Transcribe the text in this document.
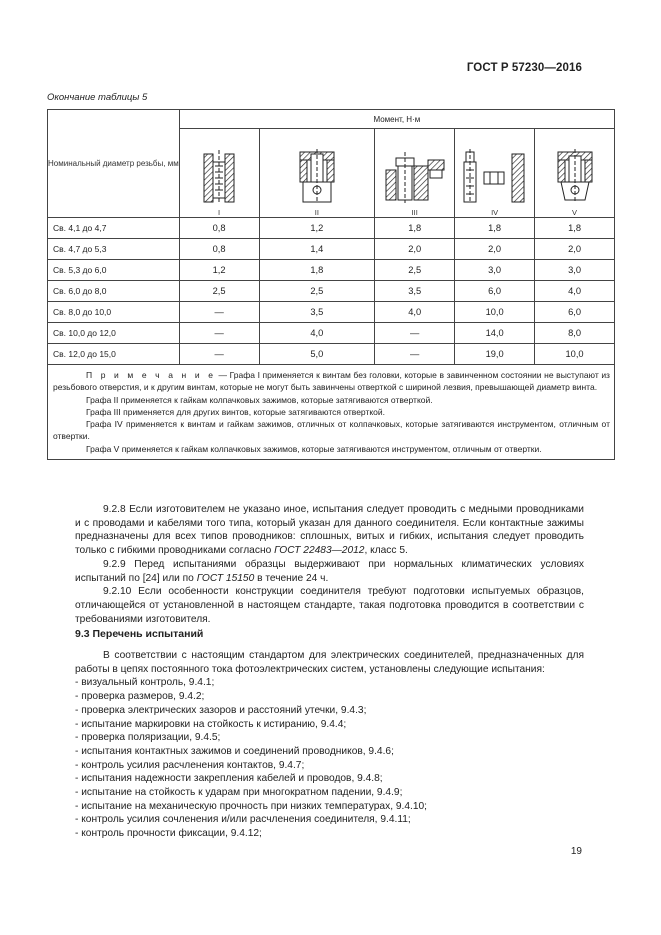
ГОСТ Р 57230—2016
Окончание таблицы 5
Номинальный диаметр резьбы, мм	Момент, Н·м				

I	II	III	IV	V
Св. 4,1 до 4,7	0,8	1,2	1,8	1,8	1,8
Св. 4,7 до 5,3	0,8	1,4	2,0	2,0	2,0
Св. 5,3 до 6,0	1,2	1,8	2,5	3,0	3,0
Св. 6,0 до 8,0	2,5	2,5	3,5	6,0	4,0
Св. 8,0 до 10,0	—	3,5	4,0	10,0	6,0
Св. 10,0 до 12,0	—	4,0	—	14,0	8,0
Св. 12,0 до 15,0	—	5,0	—	19,0	10,0

П р и м е ч а н и е — Графа I применяется к винтам без головки, которые в завинченном состоянии не выступают из резьбового отверстия, и к другим винтам, которые не могут быть завинчены отверткой с шириной лезвия, превышающей диаметр винта.

Графа II применяется к гайкам колпачковых зажимов, которые затягиваются отверткой.

Графа III применяется для других винтов, которые затягиваются отверткой.

Графа IV применяется к винтам и гайкам зажимов, отличных от колпачковых, которые затягиваются инструментом, отличным от отвертки.

Графа V применяется к гайкам колпачковых зажимов, которые затягиваются инструментом, отличным от отвертки.					

9.2.8 Если изготовителем не указано иное, испытания следует проводить с медными проводниками и с проводами и кабелями того типа, который указан для данного соединителя. Если контактные зажимы предназначены для всех типов проводников: сплошных, витых и гибких, испытания следует проводить только с гибкими проводниками согласно ГОСТ 22483—2012, класс 5.

9.2.9 Перед испытаниями образцы выдерживают при нормальных климатических условиях испытаний по [24] или по ГОСТ 15150 в течение 24 ч.

9.2.10 Если особенности конструкции соединителя требуют подготовки испытуемых образцов, отличающейся от установленной в настоящем стандарте, такая подготовка проводится в соответствии с требованиями изготовителя.

9.3 Перечень испытаний

В соответствии с настоящим стандартом для электрических соединителей, предназначенных для работы в цепях постоянного тока фотоэлектрических систем, установлены следующие испытания:

- визуальный контроль, 9.4.1;
- проверка размеров, 9.4.2;
- проверка электрических зазоров и расстояний утечки, 9.4.3;
- испытание маркировки на стойкость к истиранию, 9.4.4;
- проверка поляризации, 9.4.5;
- испытания контактных зажимов и соединений проводников, 9.4.6;
- контроль усилия расчленения контактов, 9.4.7;
- испытания надежности закрепления кабелей и проводов, 9.4.8;
- испытание на стойкость к ударам при многократном падении, 9.4.9;
- испытание на механическую прочность при низких температурах, 9.4.10;
- контроль усилия сочленения и/или расчленения соединителя, 9.4.11;
- контроль прочности фиксации, 9.4.12;
19
